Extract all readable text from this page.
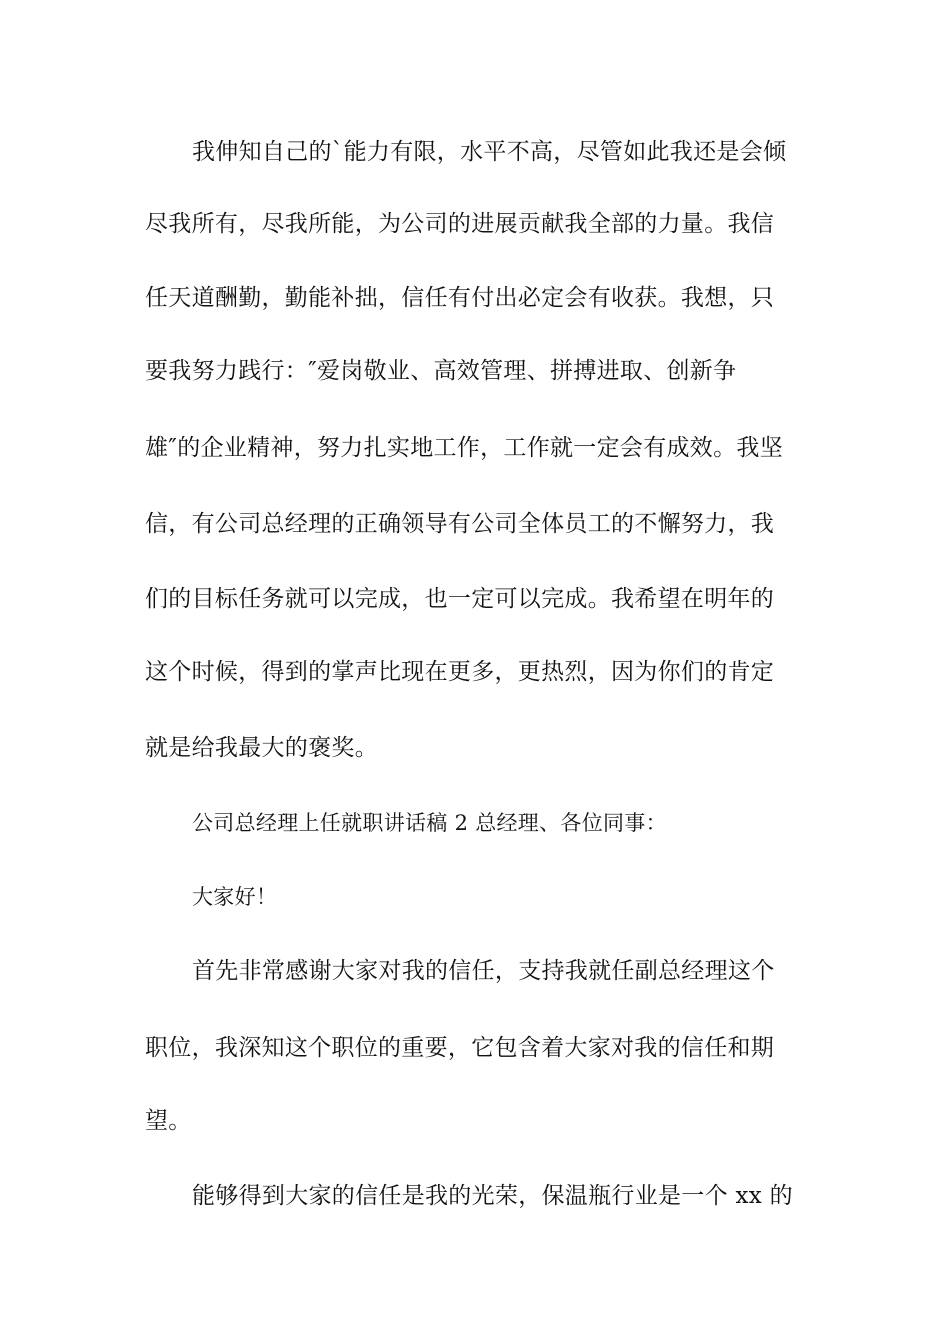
我伸知自己的`能力有限，水平不高，尽管如此我还是会倾
尽我所有，尽我所能，为公司的进展贡献我全部的力量。我信
任天道酬勤，勤能补拙，信任有付出必定会有收获。我想，只
要我努力践行：″爱岗敬业、高效管理、拼搏进取、创新争
雄″的企业精神，努力扎实地工作，工作就一定会有成效。我坚
信，有公司总经理的正确领导有公司全体员工的不懈努力，我
们的目标任务就可以完成，也一定可以完成。我希望在明年的
这个时候，得到的掌声比现在更多，更热烈，因为你们的肯定
就是给我最大的褒奖。
公司总经理上任就职讲话稿 2 总经理、各位同事：
大家好！
首先非常感谢大家对我的信任，支持我就任副总经理这个
职位，我深知这个职位的重要，它包含着大家对我的信任和期
望。
能够得到大家的信任是我的光荣，保温瓶行业是一个 xx 的
